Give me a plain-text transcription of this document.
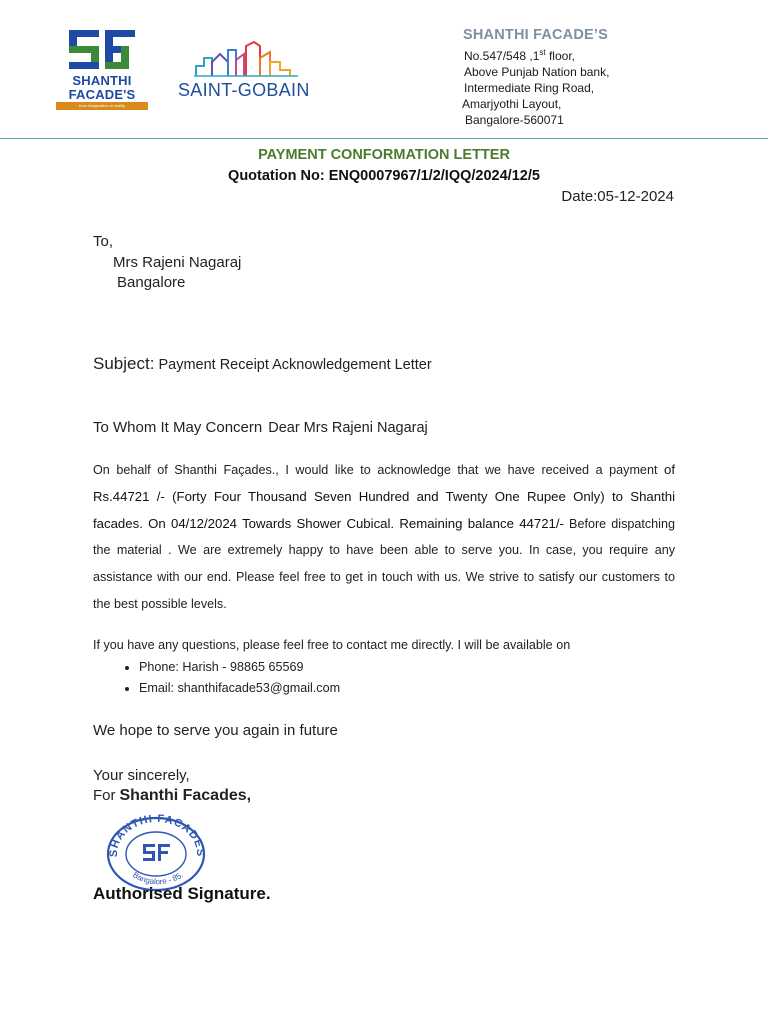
SHANTHI
FACADE'S
from imagination to reality
SAINT-GOBAIN
SHANTHI FACADE’S
No.547/548 ,1st floor,
Above Punjab Nation bank,
Intermediate Ring Road,
Amarjyothi Layout,
Bangalore-560071
PAYMENT CONFORMATION LETTER
Quotation No: ENQ0007967/1/2/IQQ/2024/12/5
Date:05-12-2024
To,
Mrs Rajeni Nagaraj
Bangalore
Subject: Payment Receipt Acknowledgement Letter
To Whom It May Concern Dear Mrs Rajeni Nagaraj
On behalf of Shanthi Façades., I would like to acknowledge that we have received a payment of Rs.44721 /- (Forty Four Thousand Seven Hundred and Twenty One Rupee Only) to Shanthi facades. On 04/12/2024 Towards Shower Cubical. Remaining balance 44721/- Before dispatching the material . We are extremely happy to have been able to serve you. In case, you require any assistance with our end. Please feel free to get in touch with us. We strive to satisfy our customers to the best possible levels.
If you have any questions, please feel free to contact me directly. I will be available on
• Phone: Harish - 98865 65569
• Email: shanthifacade53@gmail.com
We hope to serve you again in future
Your sincerely,
For Shanthi Facades,
SHANTHI FACADES
Bangalore - 85.
Authorised Signature.
